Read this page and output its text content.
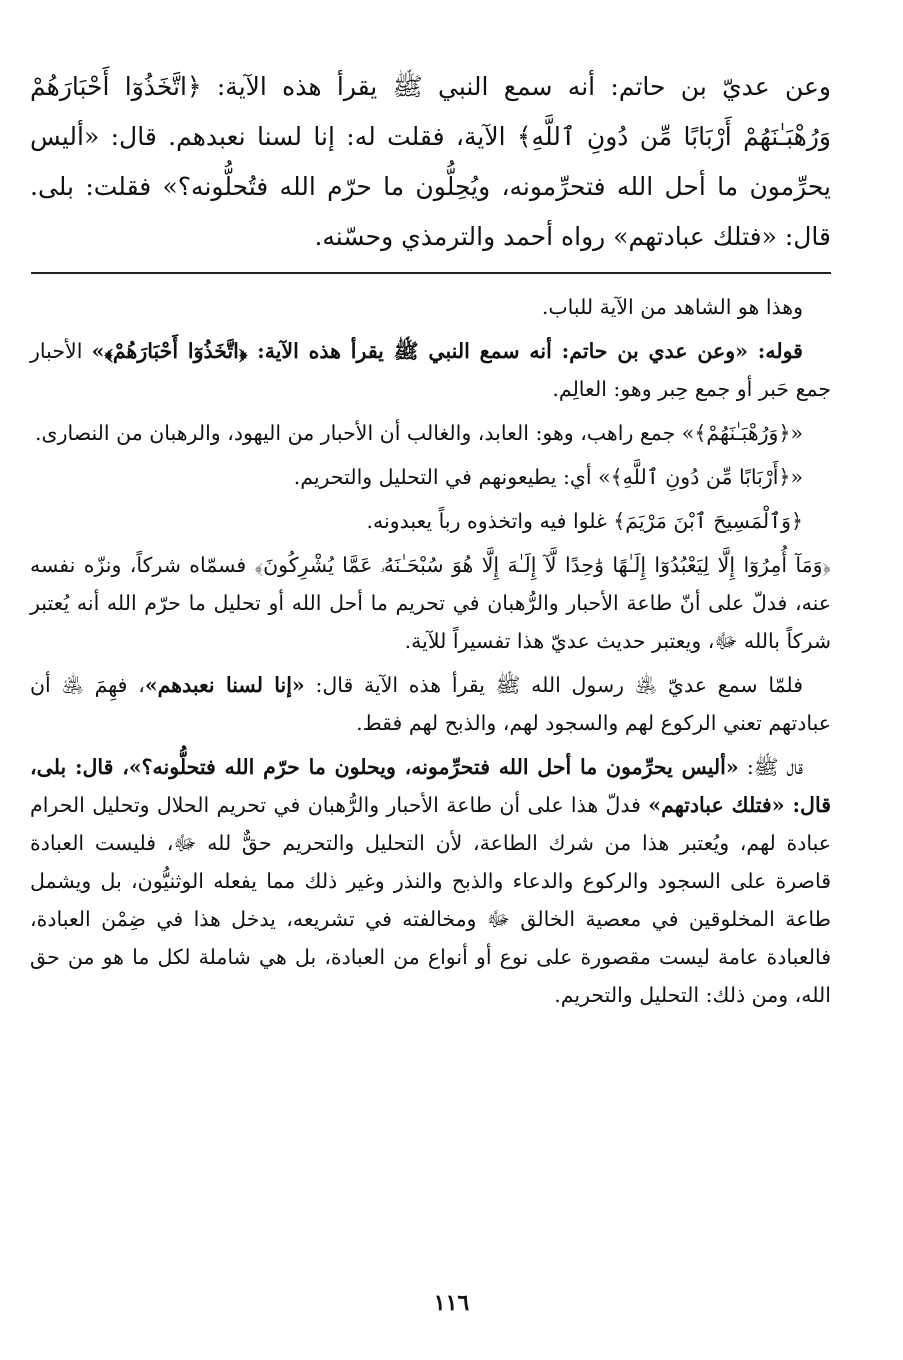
وعن عديّ بن حاتم: أنه سمع النبي ﷺ يقرأ هذه الآية: ﴿اتَّخَذُوٓا أَحْبَارَهُمْ وَرُهْبَـٰنَهُمْ أَرْبَابًا مِّن دُونِ ٱللَّهِ﴾ الآية، فقلت له: إنا لسنا نعبدهم. قال: «أليس يحرِّمون ما أحل الله فتحرِّمونه، ويُحِلُّون ما حرّم الله فتُحلُّونه؟» فقلت: بلى. قال: «فتلك عبادتهم» رواه أحمد والترمذي وحسّنه.

وهذا هو الشاهد من الآية للباب.

قوله: «وعن عدي بن حاتم: أنه سمع النبي ﷺ يقرأ هذه الآية: ﴿اتَّخَذُوٓا أَحْبَارَهُمْ﴾» الأحبار جمع حَبر أو جمع حِبر وهو: العالِم.

«﴿وَرُهْبَـٰنَهُمْ﴾» جمع راهب، وهو: العابد، والغالب أن الأحبار من اليهود، والرهبان من النصارى.

«﴿أَرْبَابًا مِّن دُونِ ٱللَّهِ﴾» أي: يطيعونهم في التحليل والتحريم.

﴿وَٱلْمَسِيحَ ٱبْنَ مَرْيَمَ﴾ غلوا فيه واتخذوه رباً يعبدونه.

﴿وَمَآ أُمِرُوٓا إِلَّا لِيَعْبُدُوٓا إِلَـٰهًا وَٰحِدًا لَّآ إِلَـٰهَ إِلَّا هُوَ سُبْحَـٰنَهُۥ عَمَّا يُشْرِكُونَ﴾ فسمّاه شركاً، ونزّه نفسه عنه، فدلّ على أنّ طاعة الأحبار والرُّهبان في تحريم ما أحل الله أو تحليل ما حرّم الله أنه يُعتبر شركاً بالله ﷻ، ويعتبر حديث عديّ هذا تفسيراً للآية.

فلمّا سمع عديّ ﵁ رسول الله ﷺ يقرأ هذه الآية قال: «إنا لسنا نعبدهم»، فهِمَ ﵁ أن عبادتهم تعني الركوع لهم والسجود لهم، والذبح لهم فقط.

قال ﷺ: «أليس يحرِّمون ما أحل الله فتحرِّمونه، ويحلون ما حرّم الله فتحلُّونه؟»، قال: بلى، قال: «فتلك عبادتهم» فدلّ هذا على أن طاعة الأحبار والرُّهبان في تحريم الحلال وتحليل الحرام عبادة لهم، ويُعتبر هذا من شرك الطاعة، لأن التحليل والتحريم حقٌّ لله ﷻ، فليست العبادة قاصرة على السجود والركوع والدعاء والذبح والنذر وغير ذلك مما يفعله الوثنيُّون، بل ويشمل طاعة المخلوقين في معصية الخالق ﷻ ومخالفته في تشريعه، يدخل هذا في ضِمْن العبادة، فالعبادة عامة ليست مقصورة على نوع أو أنواع من العبادة، بل هي شاملة لكل ما هو من حق الله، ومن ذلك: التحليل والتحريم.

١١٦
